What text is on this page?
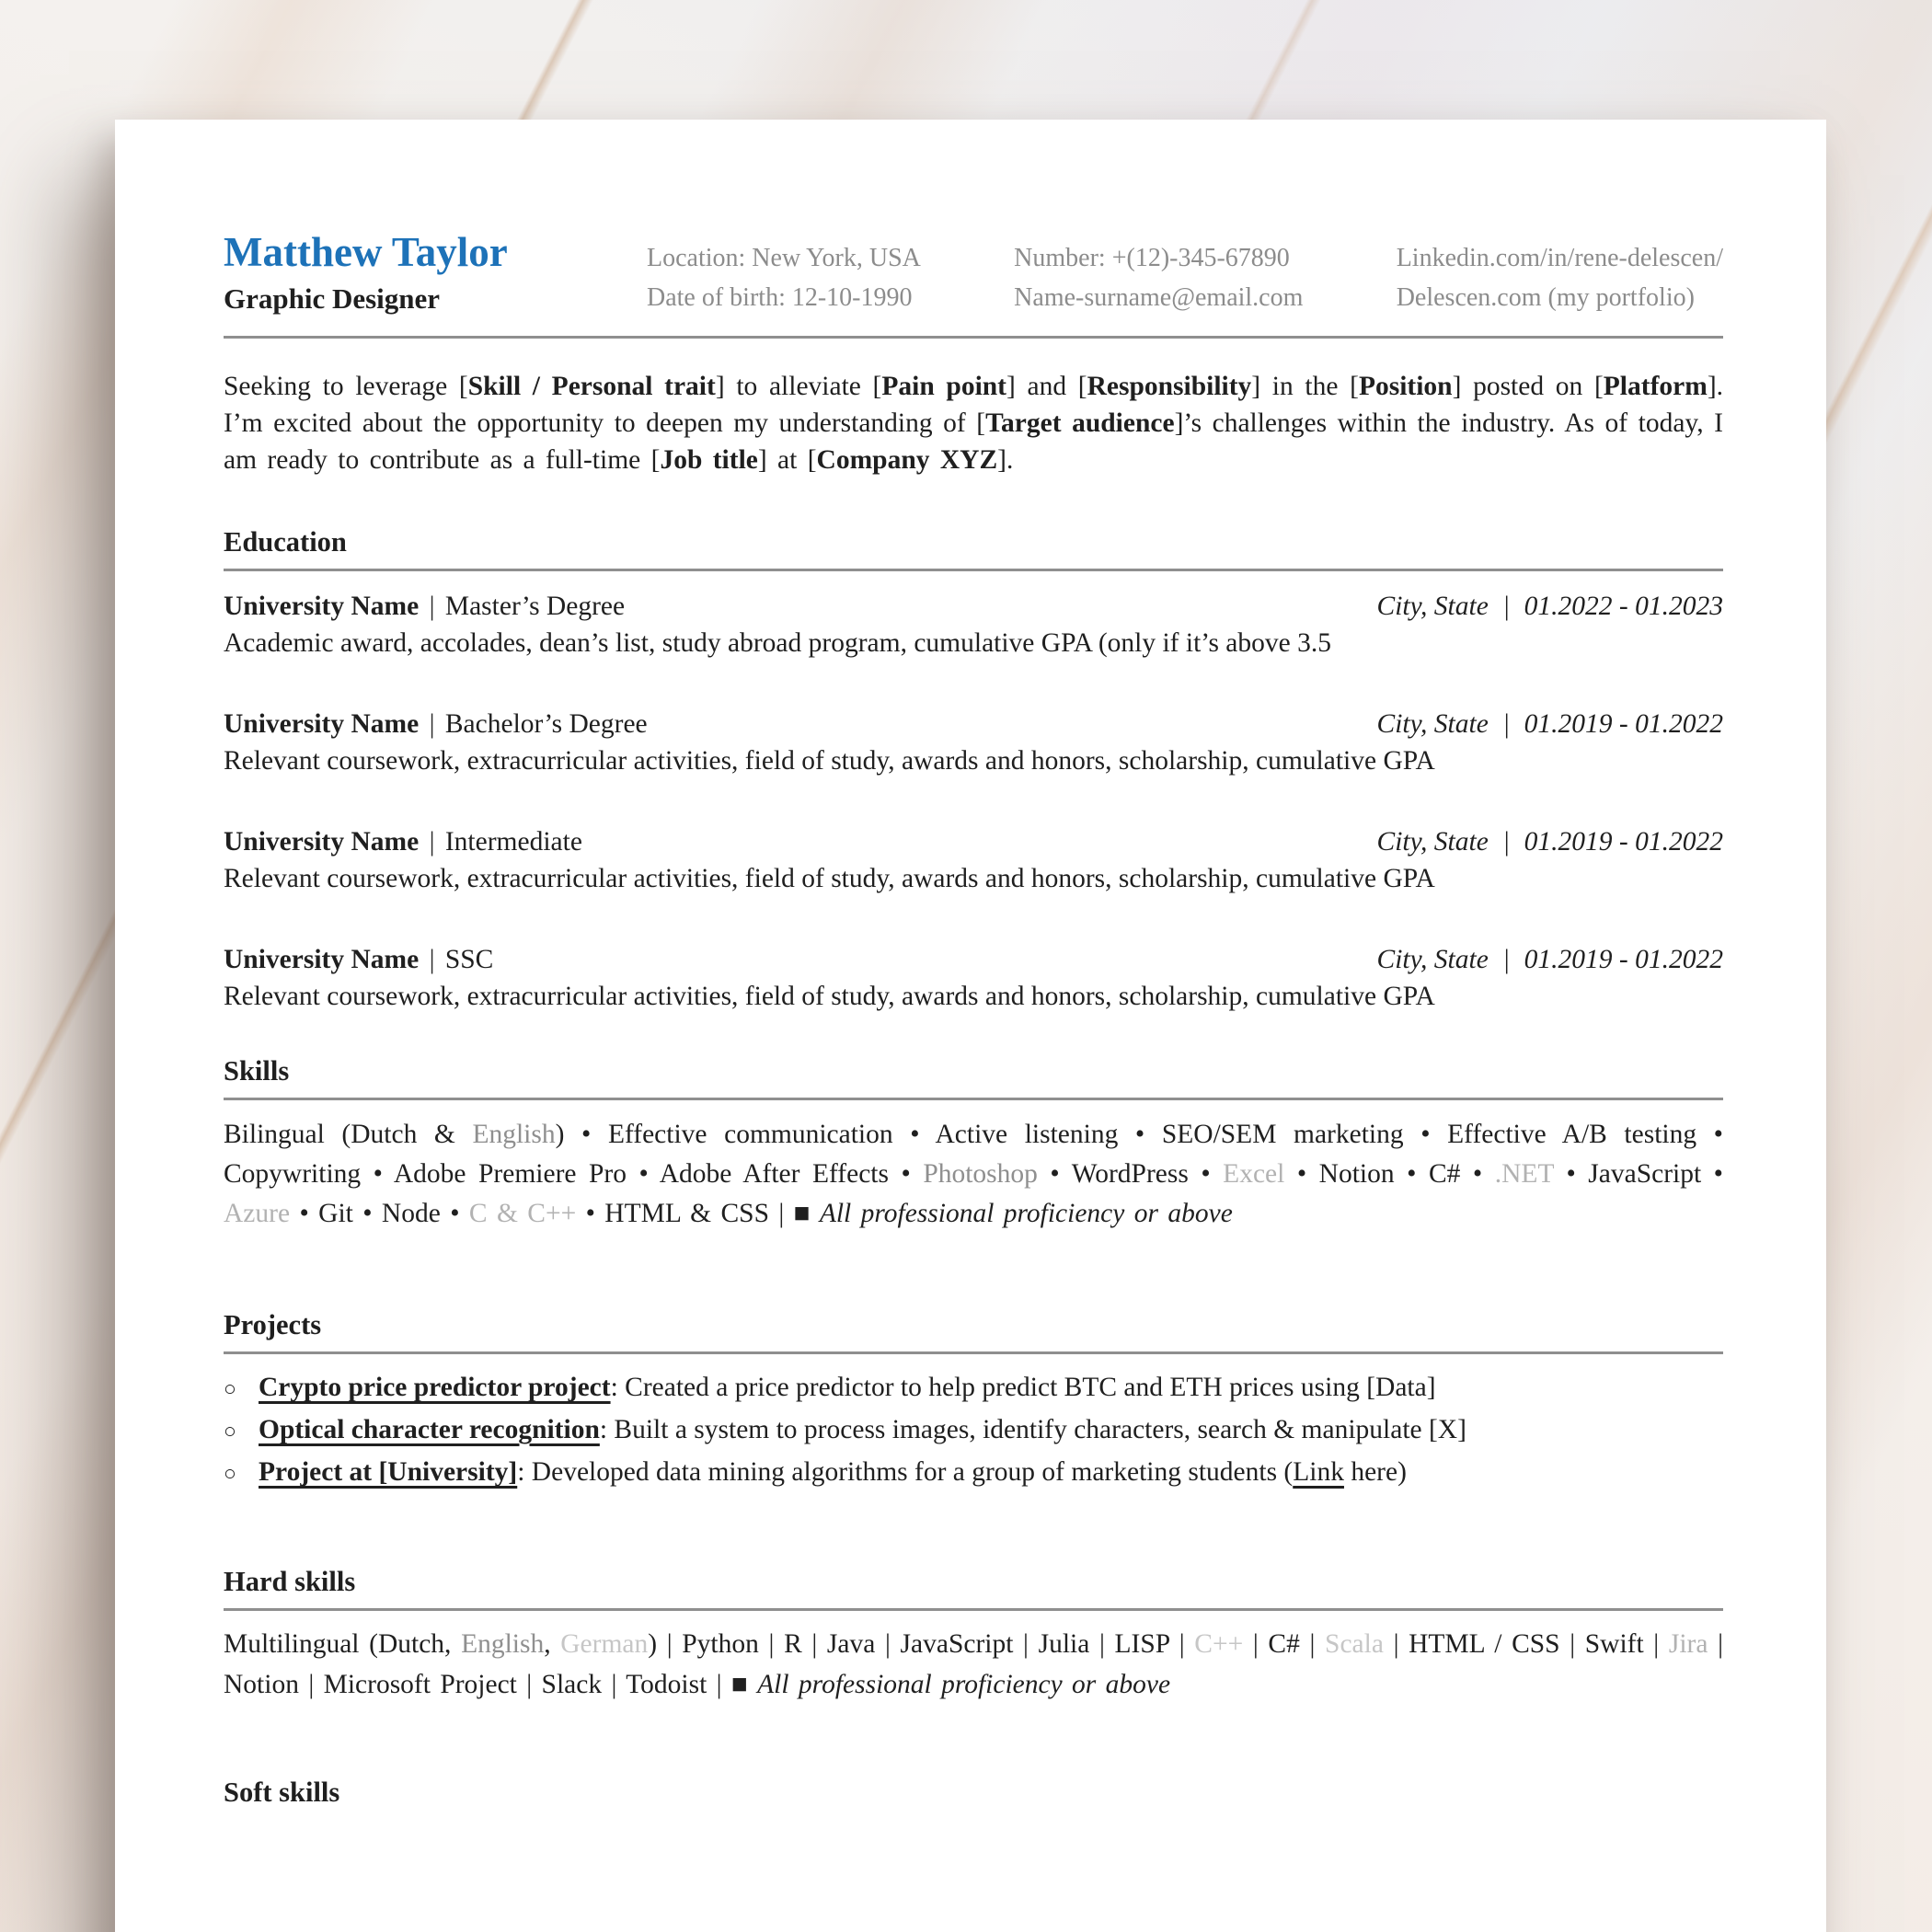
Matthew Taylor
Graphic Designer
Location: New York, USA	Number: +(12)-345-67890	Linkedin.com/in/rene-delescen/
Date of birth: 12-10-1990	Name-surname@email.com	Delescen.com (my portfolio)
Seeking to leverage [Skill / Personal trait] to alleviate [Pain point] and [Responsibility] in the [Position] posted on [Platform]. I’m excited about the opportunity to deepen my understanding of [Target audience]’s challenges within the industry. As of today, I am ready to contribute as a full-time [Job title] at [Company XYZ].
Education
University Name | Master’s Degree	City, State | 01.2022 - 01.2023
Academic award, accolades, dean’s list, study abroad program, cumulative GPA (only if it’s above 3.5
University Name | Bachelor’s Degree	City, State | 01.2019 - 01.2022
Relevant coursework, extracurricular activities, field of study, awards and honors, scholarship, cumulative GPA
University Name | Intermediate	City, State | 01.2019 - 01.2022
Relevant coursework, extracurricular activities, field of study, awards and honors, scholarship, cumulative GPA
University Name | SSC	City, State | 01.2019 - 01.2022
Relevant coursework, extracurricular activities, field of study, awards and honors, scholarship, cumulative GPA
Skills
Bilingual (Dutch & English) • Effective communication • Active listening • SEO/SEM marketing • Effective A/B testing • Copywriting • Adobe Premiere Pro • Adobe After Effects • Photoshop • WordPress • Excel • Notion • C# • .NET • JavaScript • Azure • Git • Node • C & C++ • HTML & CSS | ■ All professional proficiency or above
Projects
○ Crypto price predictor project: Created a price predictor to help predict BTC and ETH prices using [Data]
○ Optical character recognition: Built a system to process images, identify characters, search & manipulate [X]
○ Project at [University]: Developed data mining algorithms for a group of marketing students (Link here)
Hard skills
Multilingual (Dutch, English, German) | Python | R | Java | JavaScript | Julia | LISP | C++ | C# | Scala | HTML / CSS | Swift | Jira | Notion | Microsoft Project | Slack | Todoist | ■ All professional proficiency or above
Soft skills
